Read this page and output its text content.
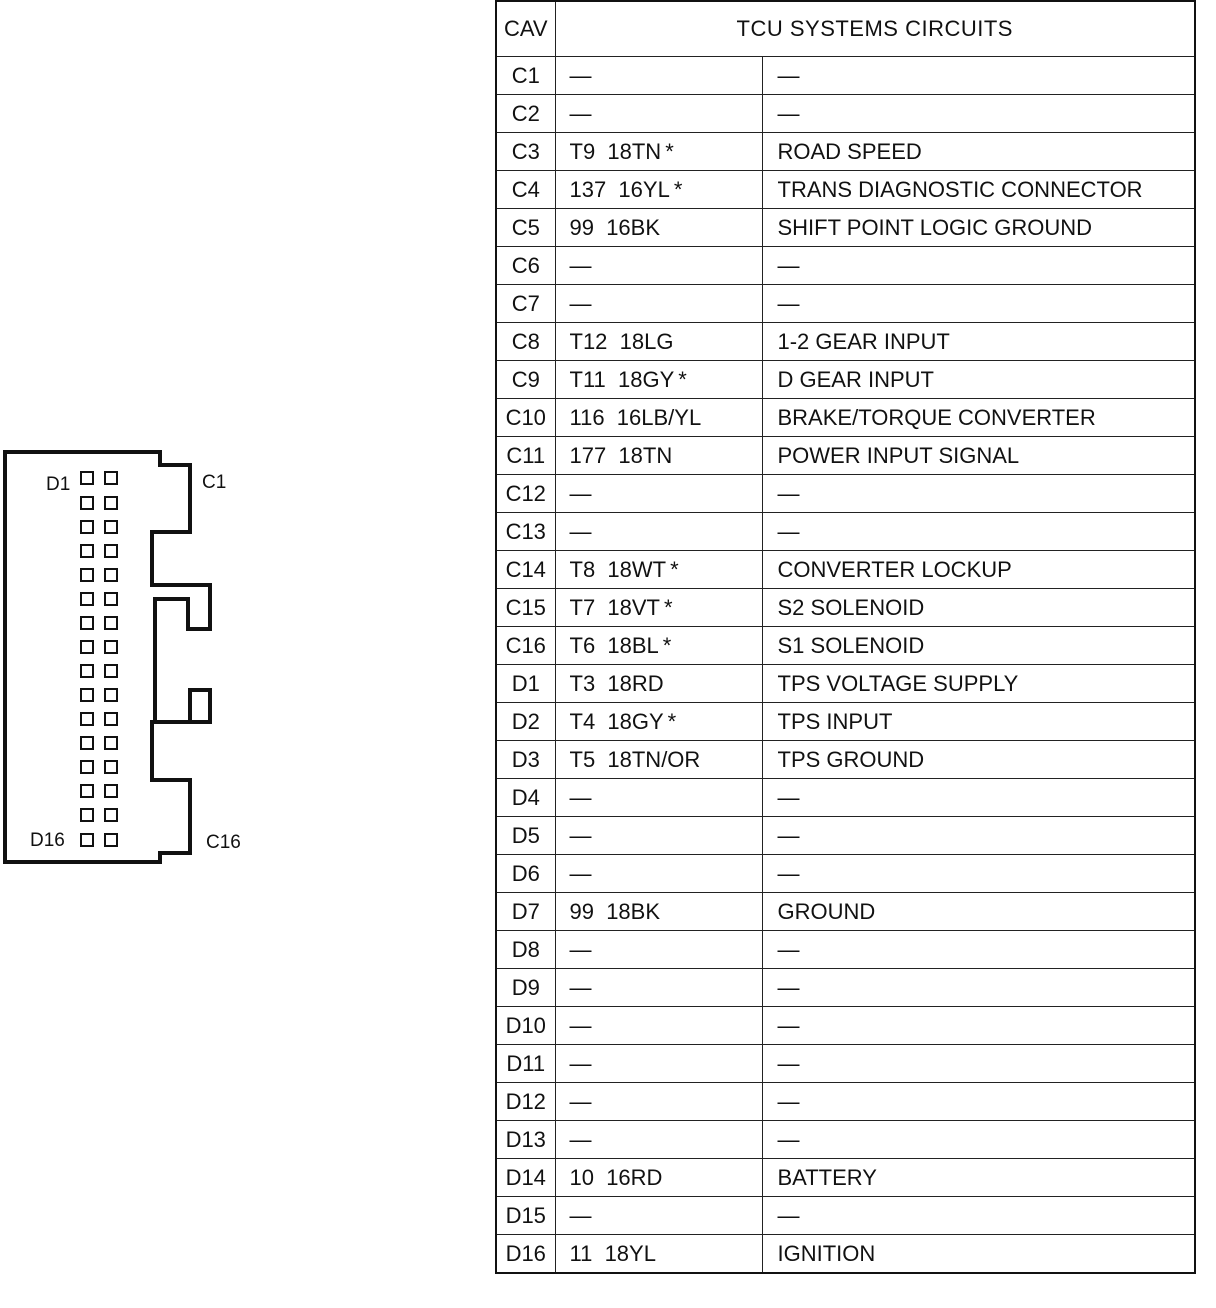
D1
D16
C1
C16
CAV	TCU SYSTEMS CIRCUITS	
C1	—	—
C2	—	—
C3	T9  18TN *	ROAD SPEED
C4	137  16YL *	TRANS DIAGNOSTIC CONNECTOR
C5	99  16BK	SHIFT POINT LOGIC GROUND
C6	—	—
C7	—	—
C8	T12  18LG	1-2 GEAR INPUT
C9	T11  18GY *	D GEAR INPUT
C10	116  16LB/YL	BRAKE/TORQUE CONVERTER
C11	177  18TN	POWER INPUT SIGNAL
C12	—	—
C13	—	—
C14	T8  18WT *	CONVERTER LOCKUP
C15	T7  18VT *	S2 SOLENOID
C16	T6  18BL *	S1 SOLENOID
D1	T3  18RD	TPS VOLTAGE SUPPLY
D2	T4  18GY *	TPS INPUT
D3	T5  18TN/OR	TPS GROUND
D4	—	—
D5	—	—
D6	—	—
D7	99  18BK	GROUND
D8	—	—
D9	—	—
D10	—	—
D11	—	—
D12	—	—
D13	—	—
D14	10  16RD	BATTERY
D15	—	—
D16	11  18YL	IGNITION
